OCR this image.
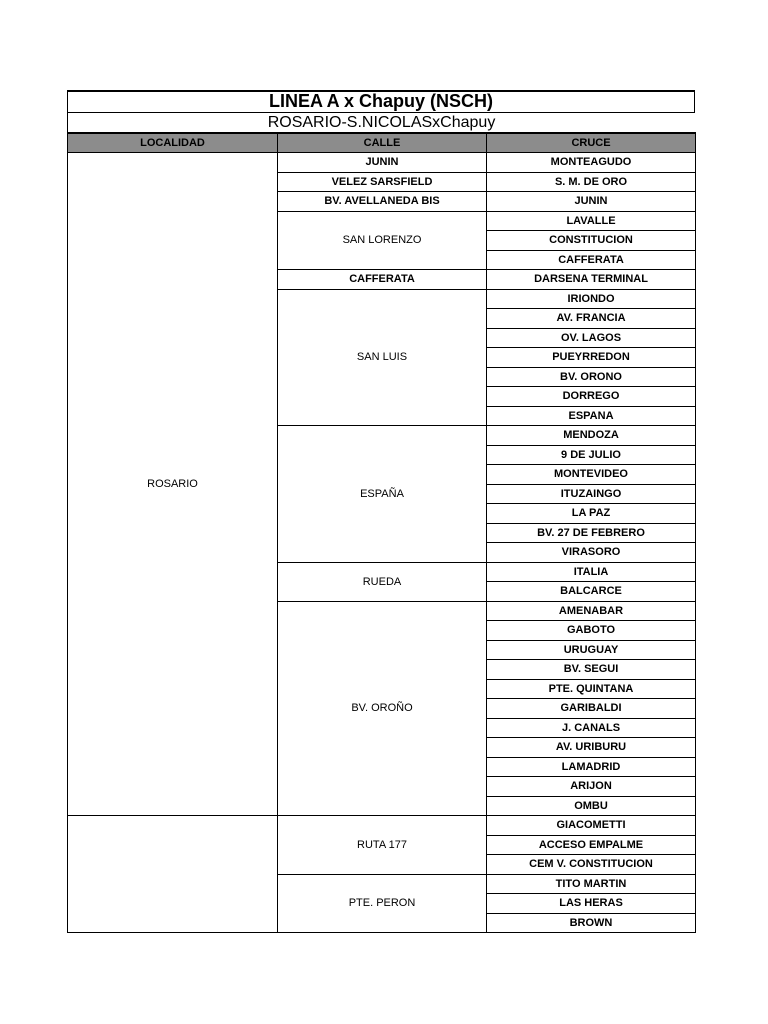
LINEA A x Chapuy (NSCH)
ROSARIO-S.NICOLASxChapuy
LOCALIDAD	CALLE	CRUCE
ROSARIO	JUNIN	MONTEAGUDO
	VELEZ SARSFIELD	S. M. DE ORO
	BV. AVELLANEDA BIS	JUNIN
	SAN LORENZO	LAVALLE
		CONSTITUCION
		CAFFERATA
	CAFFERATA	DARSENA TERMINAL
	SAN LUIS	IRIONDO
		AV. FRANCIA
		OV. LAGOS
		PUEYRREDON
		BV. ORONO
		DORREGO
		ESPANA
	ESPAÑA	MENDOZA
		9 DE JULIO
		MONTEVIDEO
		ITUZAINGO
		LA PAZ
		BV. 27 DE FEBRERO
		VIRASORO
	RUEDA	ITALIA
		BALCARCE
	BV. OROÑO	AMENABAR
		GABOTO
		URUGUAY
		BV. SEGUI
		PTE. QUINTANA
		GARIBALDI
		J. CANALS
		AV. URIBURU
		LAMADRID
		ARIJON
		OMBU
	RUTA 177	GIACOMETTI
		ACCESO EMPALME
		CEM V. CONSTITUCION
	PTE. PERON	TITO MARTIN
		LAS HERAS
		BROWN
